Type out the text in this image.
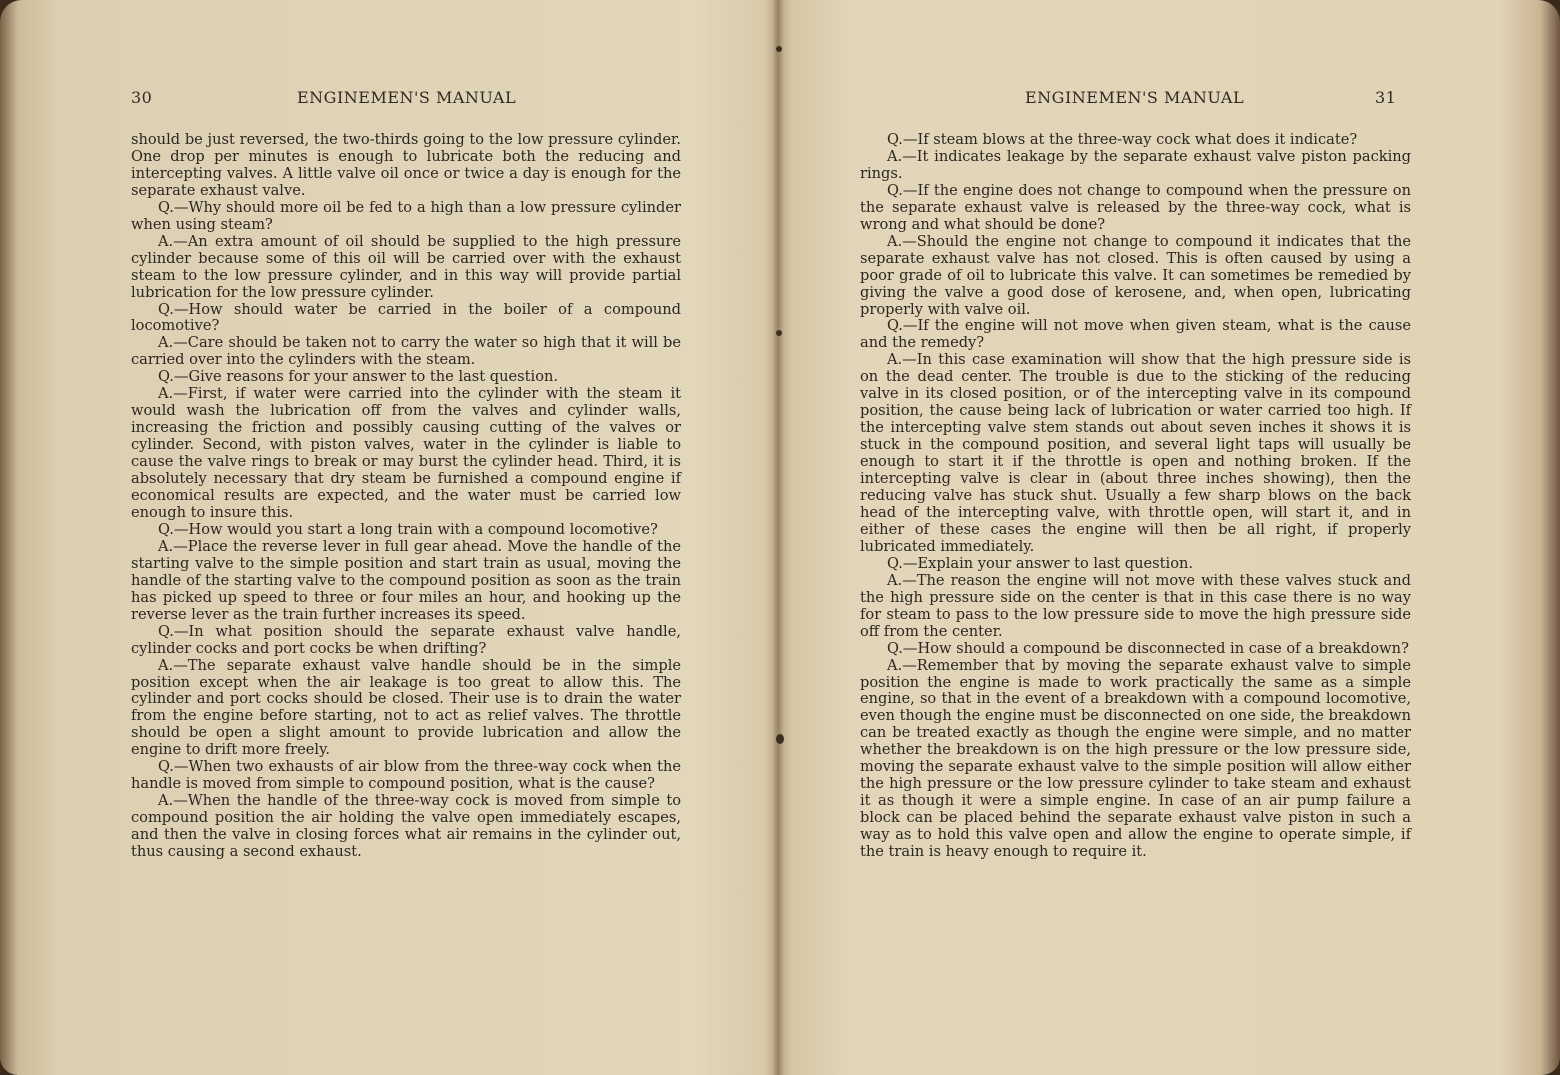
30	ENGINEMEN'S MANUAL

should be just reversed, the two-thirds going to the low pressure cylinder. One drop per minutes is enough to lubricate both the reducing and intercepting valves. A little valve oil once or twice a day is enough for the separate exhaust valve.

Q.—Why should more oil be fed to a high than a low pressure cylinder when using steam?

A.—An extra amount of oil should be supplied to the high pressure cylinder because some of this oil will be carried over with the exhaust steam to the low pressure cylinder, and in this way will provide partial lubrication for the low pressure cylinder.

Q.—How should water be carried in the boiler of a compound locomotive?

A.—Care should be taken not to carry the water so high that it will be carried over into the cylinders with the steam.

Q.—Give reasons for your answer to the last question.

A.—First, if water were carried into the cylinder with the steam it would wash the lubrication off from the valves and cylinder walls, increasing the friction and possibly causing cutting of the valves or cylinder. Second, with piston valves, water in the cylinder is liable to cause the valve rings to break or may burst the cylinder head. Third, it is absolutely necessary that dry steam be furnished a compound engine if economical results are expected, and the water must be carried low enough to insure this.

Q.—How would you start a long train with a compound locomotive?

A.—Place the reverse lever in full gear ahead. Move the handle of the starting valve to the simple position and start train as usual, moving the handle of the starting valve to the compound position as soon as the train has picked up speed to three or four miles an hour, and hooking up the reverse lever as the train further increases its speed.

Q.—In what position should the separate exhaust valve handle, cylinder cocks and port cocks be when drifting?

A.—The separate exhaust valve handle should be in the simple position except when the air leakage is too great to allow this. The cylinder and port cocks should be closed. Their use is to drain the water from the engine before starting, not to act as relief valves. The throttle should be open a slight amount to provide lubrication and allow the engine to drift more freely.

Q.—When two exhausts of air blow from the three-way cock when the handle is moved from simple to compound position, what is the cause?

A.—When the handle of the three-way cock is moved from simple to compound position the air holding the valve open immediately escapes, and then the valve in closing forces what air remains in the cylinder out, thus causing a second exhaust.

ENGINEMEN'S MANUAL	31

Q.—If steam blows at the three-way cock what does it indicate?

A.—It indicates leakage by the separate exhaust valve piston packing rings.

Q.—If the engine does not change to compound when the pressure on the separate exhaust valve is released by the three-way cock, what is wrong and what should be done?

A.—Should the engine not change to compound it indicates that the separate exhaust valve has not closed. This is often caused by using a poor grade of oil to lubricate this valve. It can sometimes be remedied by giving the valve a good dose of kerosene, and, when open, lubricating properly with valve oil.

Q.—If the engine will not move when given steam, what is the cause and the remedy?

A.—In this case examination will show that the high pressure side is on the dead center. The trouble is due to the sticking of the reducing valve in its closed position, or of the intercepting valve in its compound position, the cause being lack of lubrication or water carried too high. If the intercepting valve stem stands out about seven inches it shows it is stuck in the compound position, and several light taps will usually be enough to start it if the throttle is open and nothing broken. If the intercepting valve is clear in (about three inches showing), then the reducing valve has stuck shut. Usually a few sharp blows on the back head of the intercepting valve, with throttle open, will start it, and in either of these cases the engine will then be all right, if properly lubricated immediately.

Q.—Explain your answer to last question.

A.—The reason the engine will not move with these valves stuck and the high pressure side on the center is that in this case there is no way for steam to pass to the low pressure side to move the high pressure side off from the center.

Q.—How should a compound be disconnected in case of a breakdown?

A.—Remember that by moving the separate exhaust valve to simple position the engine is made to work practically the same as a simple engine, so that in the event of a breakdown with a compound locomotive, even though the engine must be disconnected on one side, the breakdown can be treated exactly as though the engine were simple, and no matter whether the breakdown is on the high pressure or the low pressure side, moving the separate exhaust valve to the simple position will allow either the high pressure or the low pressure cylinder to take steam and exhaust it as though it were a simple engine. In case of an air pump failure a block can be placed behind the separate exhaust valve piston in such a way as to hold this valve open and allow the engine to operate simple, if the train is heavy enough to require it.
